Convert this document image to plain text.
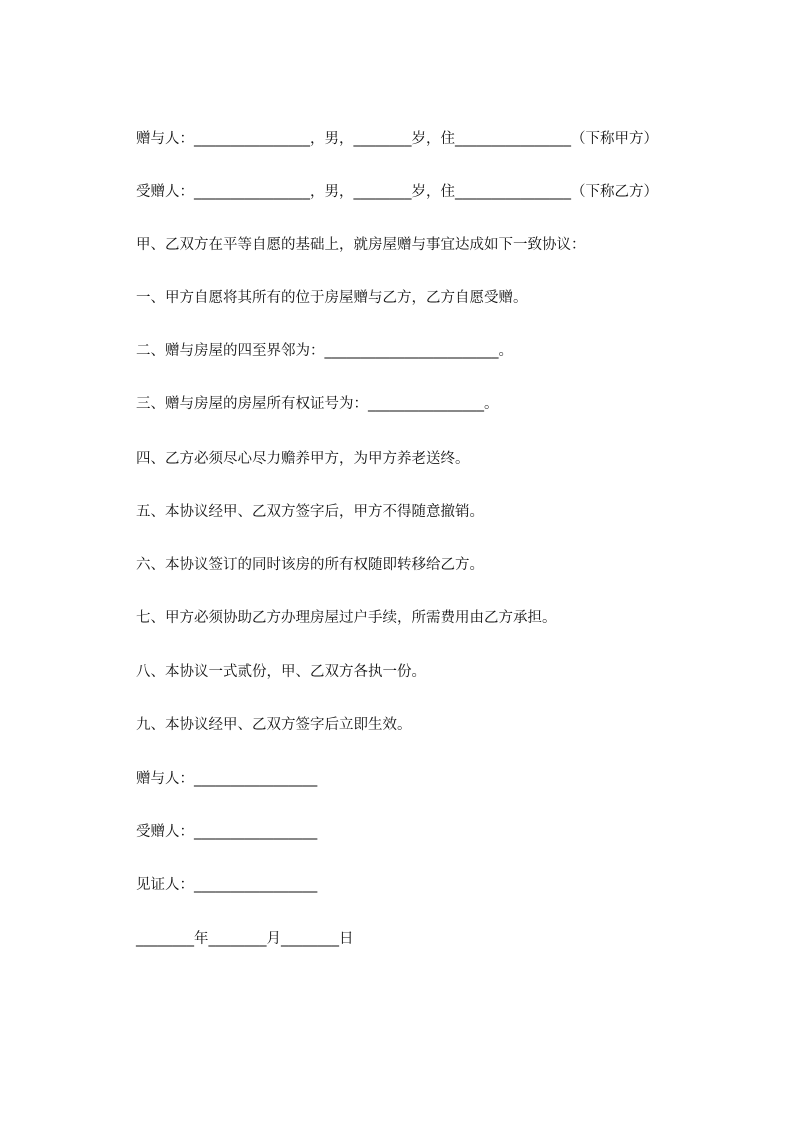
赠与人：________________，男，________岁，住________________（下称甲方）
受赠人：________________，男，________岁，住________________（下称乙方）
甲、乙双方在平等自愿的基础上，就房屋赠与事宜达成如下一致协议：
一、甲方自愿将其所有的位于房屋赠与乙方，乙方自愿受赠。
二、赠与房屋的四至界邻为：________________________。
三、赠与房屋的房屋所有权证号为：________________。
四、乙方必须尽心尽力赡养甲方，为甲方养老送终。
五、本协议经甲、乙双方签字后，甲方不得随意撤销。
六、本协议签订的同时该房的所有权随即转移给乙方。
七、甲方必须协助乙方办理房屋过户手续，所需费用由乙方承担。
八、本协议一式贰份，甲、乙双方各执一份。
九、本协议经甲、乙双方签字后立即生效。
赠与人：_________________
受赠人：_________________
见证人：_________________
________年________月________日
